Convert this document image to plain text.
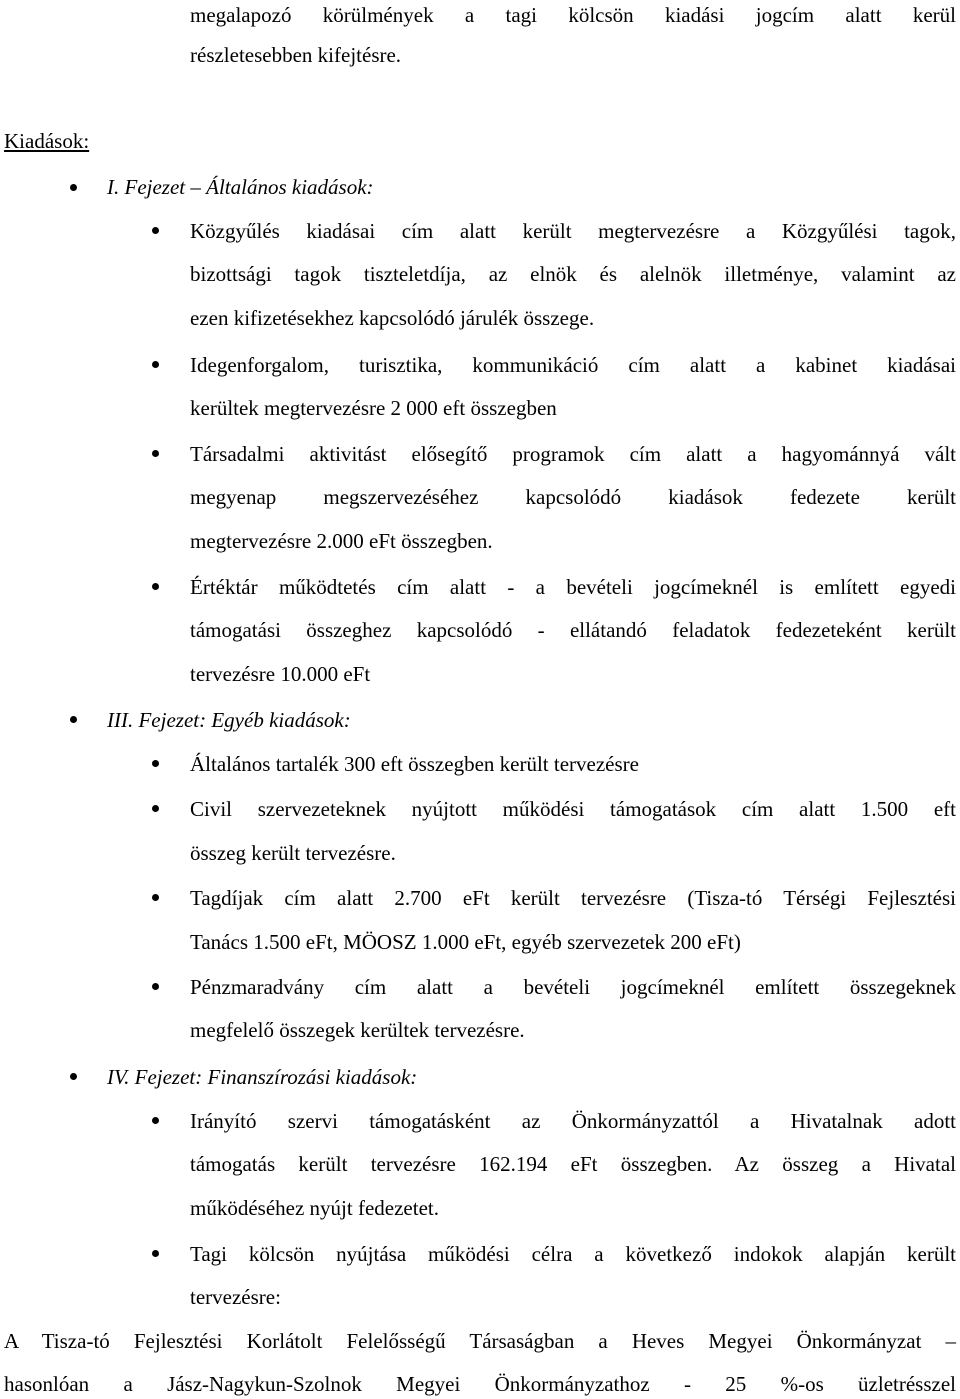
megalapozó körülmények a tagi kölcsön kiadási jogcím alatt kerül
részletesebben kifejtésre.
Kiadások:
I. Fejezet – Általános kiadások:
Közgyűlés kiadásai cím alatt került megtervezésre a Közgyűlési tagok,
bizottsági tagok tiszteletdíja, az elnök és alelnök illetménye, valamint az
ezen kifizetésekhez kapcsolódó járulék összege.
Idegenforgalom, turisztika, kommunikáció cím alatt a kabinet kiadásai
kerültek megtervezésre 2 000 eft összegben
Társadalmi aktivitást elősegítő programok cím alatt a hagyománnyá vált
megyenap megszervezéséhez kapcsolódó kiadások fedezete került
megtervezésre 2.000 eFt összegben.
Értéktár működtetés cím alatt - a bevételi jogcímeknél is említett egyedi
támogatási összeghez kapcsolódó - ellátandó feladatok fedezeteként került
tervezésre 10.000 eFt
III. Fejezet: Egyéb kiadások:
Általános tartalék 300 eft összegben került tervezésre
Civil szervezeteknek nyújtott működési támogatások cím alatt 1.500 eft
összeg került tervezésre.
Tagdíjak cím alatt 2.700 eFt került tervezésre (Tisza-tó Térségi Fejlesztési
Tanács 1.500 eFt, MÖOSZ 1.000 eFt, egyéb szervezetek 200 eFt)
Pénzmaradvány cím alatt a bevételi jogcímeknél említett összegeknek
megfelelő összegek kerültek tervezésre.
IV. Fejezet: Finanszírozási kiadások:
Irányító szervi támogatásként az Önkormányzattól a Hivatalnak adott
támogatás került tervezésre 162.194 eFt összegben. Az összeg a Hivatal
működéséhez nyújt fedezetet.
Tagi kölcsön nyújtása működési célra a következő indokok alapján került
tervezésre:
A Tisza-tó Fejlesztési Korlátolt Felelősségű Társaságban a Heves Megyei Önkormányzat –
hasonlóan a Jász-Nagykun-Szolnok Megyei Önkormányzathoz - 25 %-os üzletrésszel
